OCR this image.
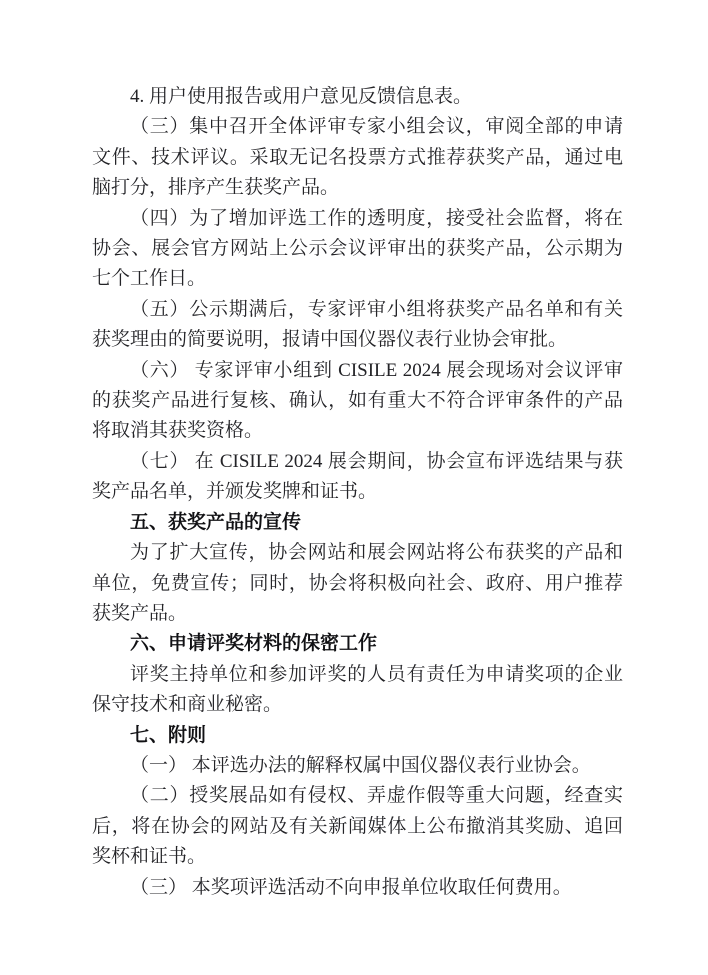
4. 用户使用报告或用户意见反馈信息表。

（三）集中召开全体评审专家小组会议，审阅全部的申请文件、技术评议。采取无记名投票方式推荐获奖产品，通过电脑打分，排序产生获奖产品。

（四）为了增加评选工作的透明度，接受社会监督，将在协会、展会官方网站上公示会议评审出的获奖产品，公示期为七个工作日。

（五）公示期满后，专家评审小组将获奖产品名单和有关获奖理由的简要说明，报请中国仪器仪表行业协会审批。

（六） 专家评审小组到 CISILE 2024 展会现场对会议评审的获奖产品进行复核、确认，如有重大不符合评审条件的产品将取消其获奖资格。

（七） 在 CISILE 2024 展会期间，协会宣布评选结果与获奖产品名单，并颁发奖牌和证书。

五、获奖产品的宣传

为了扩大宣传，协会网站和展会网站将公布获奖的产品和单位，免费宣传；同时，协会将积极向社会、政府、用户推荐获奖产品。

六、申请评奖材料的保密工作

评奖主持单位和参加评奖的人员有责任为申请奖项的企业保守技术和商业秘密。

七、附则

（一） 本评选办法的解释权属中国仪器仪表行业协会。

（二）授奖展品如有侵权、弄虚作假等重大问题，经查实后，将在协会的网站及有关新闻媒体上公布撤消其奖励、追回奖杯和证书。

（三） 本奖项评选活动不向申报单位收取任何费用。
